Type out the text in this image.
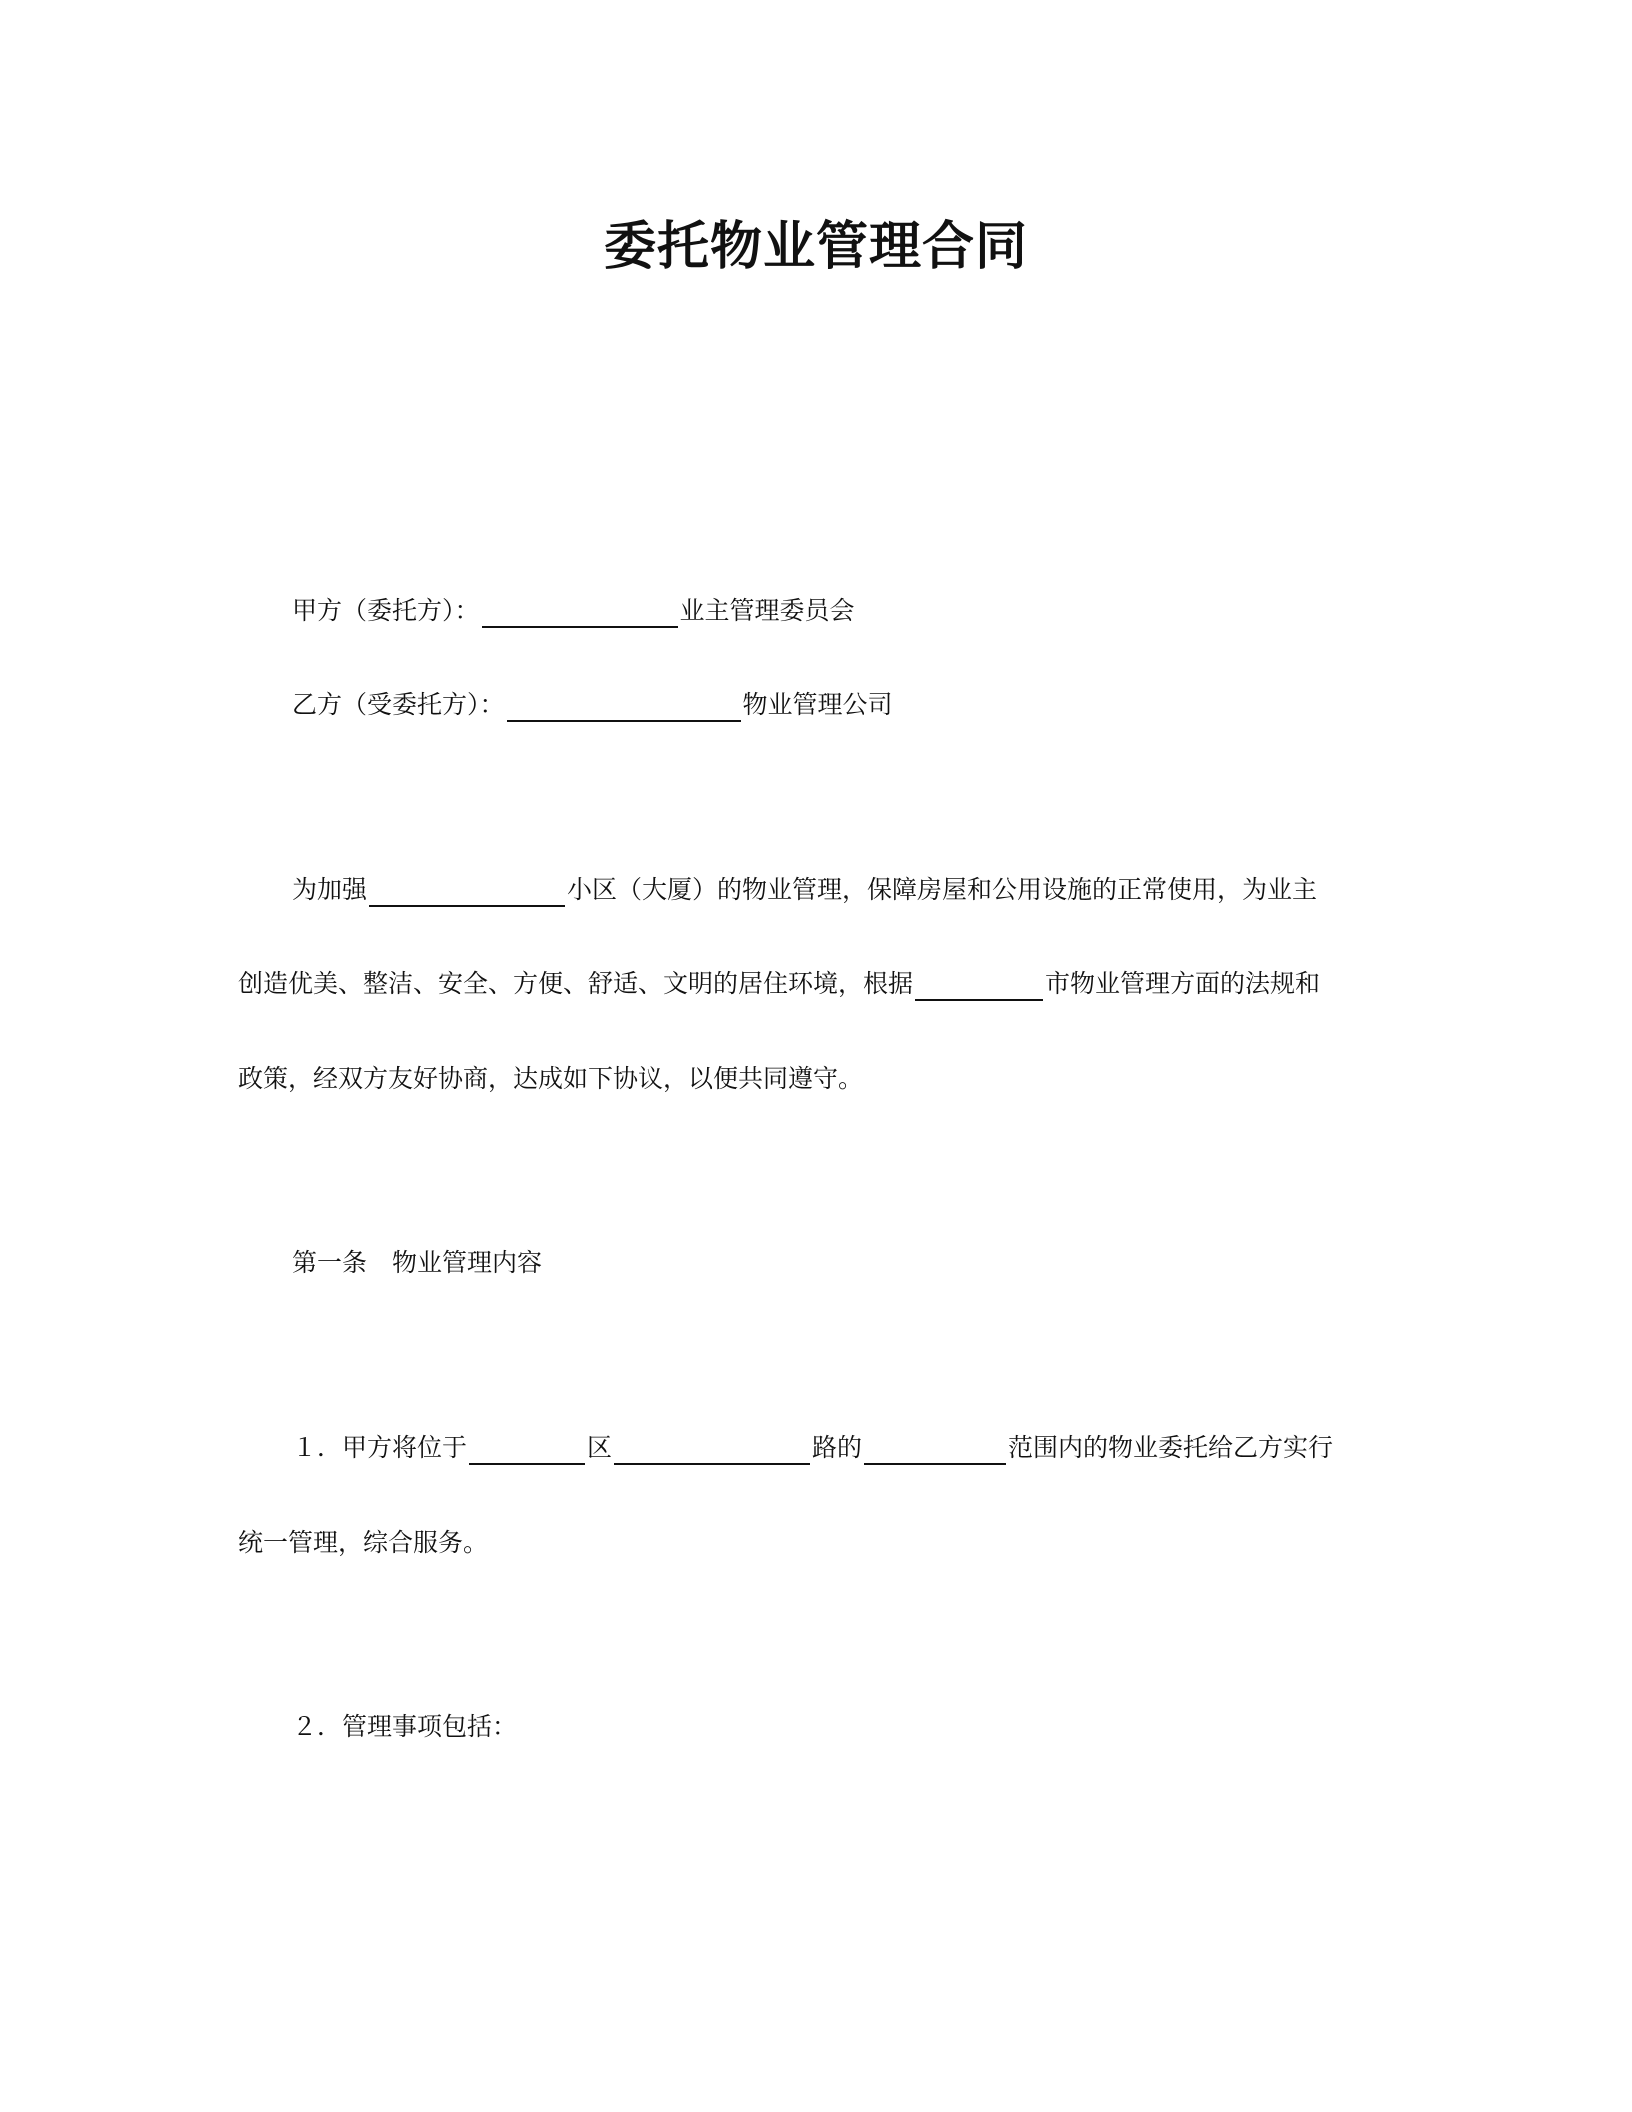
委托物业管理合同
甲方（委托方）：	业主管理委员会
乙方（受委托方）：	物业管理公司
为加强	小区（大厦）的物业管理，保障房屋和公用设施的正常使用，为业主
创造优美、整洁、安全、方便、舒适、文明的居住环境，根据	市物业管理方面的法规和
政策，经双方友好协商，达成如下协议，以便共同遵守。
第一条　物业管理内容
１．甲方将位于	区	路的	范围内的物业委托给乙方实行
统一管理，综合服务。
２．管理事项包括：
